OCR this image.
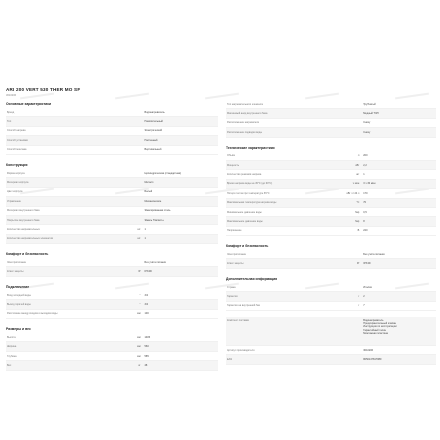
ARI 200 VERT 530 THER MO SF
3010206
Основные характеристики
Бренд	Водонагреватель
Тип	Накопительный
Способ нагрева	Электрический
Способ установки	Настенный
Способ монтажа	Вертикальный
Конструкция
Форма корпуса	Цилиндрическая (стандартная)
Материал корпуса	Металл
Цвет корпуса	Белый
Управление	Механическое
Материал внутреннего бака	Эмалированная сталь
Покрытие внутреннего бака	Эмаль Titanium+
Количество нагревательных	шт	1
Количество нагревательных элементов	шт	1
Комфорт и безопасность
Электропитание	Без учёта питания
Класс защиты	IP	IPX4D
Подключение
Вход холодной воды	"	3/4
Выход горячей воды	"	3/4
Расстояние между входом и выходом воды	мм	100
Размеры и вес
Высота	мм	1483
Ширина	мм	560
Глубина	мм	585
Вес	кг	48
Тип нагревательного элемента	Трубчатый
Магниевый анод внутреннего бака	Медный ТЭН
Расположение нагревателя	Снизу
Расположение подводки воды	Снизу
Технические характеристики
Объём	л	200
Мощность	кВт	2,2
Количество режимов нагрева	шт	1
Время нагрева воды на 45°С (до 60°С)	ч мин	3 ч 30 мин
Потери тепла при температуре 65°С	кВт ч / 24 ч	170
Максимальная температура нагрева воды	°С	70
Минимальное давление воды	бар	0,5
Максимальное давление воды	бар	8
Напряжение	В	220
Комфорт и безопасность
Электропитание	Без учёта питания
Класс защиты	IP	IPX4D
Дополнительная информация
Страна	Италия
Гарантия	г	2
Гарантия на внутренний бак	г	7
Комплект поставки	Водонагреватель
Предохранительный клапан
Инструкция по эксплуатации
Гарантийный талон
Монтажная пластина
Артикул производителя	3010206
EAN	8050147817889
